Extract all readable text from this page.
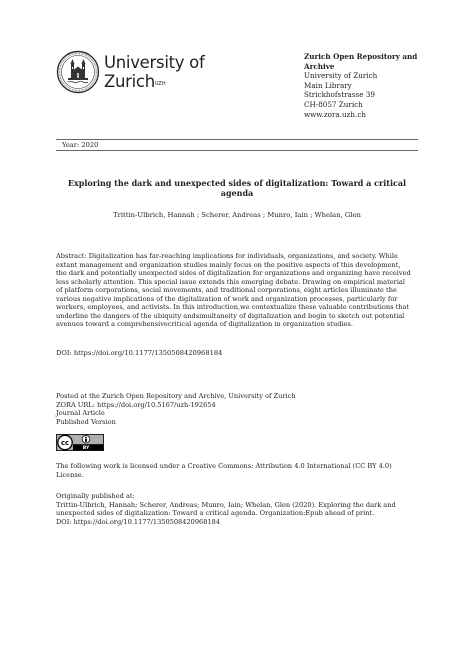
University of
Zurich$^{UZH}$
Zurich Open Repository and
Archive
University of Zurich
Main Library
Strickhofstrasse 39
CH-8057 Zurich
www.zora.uzh.ch
Year: 2020
Exploring the dark and unexpected sides of digitalization: Toward a critical
agenda
Trittin-Ulbrich, Hannah ; Scherer, Andreas ; Munro, Iain ; Whelan, Glen
Abstract: Digitalization has far-reaching implications for individuals, organizations, and society. While
extant management and organization studies mainly focus on the positive aspects of this development,
the dark and potentially unexpected sides of digitalization for organizations and organizing have received
less scholarly attention. This special issue extends this emerging debate. Drawing on empirical material
of platform corporations, social movements, and traditional corporations, eight articles illuminate the
various negative implications of the digitalization of work and organization processes, particularly for
workers, employees, and activists. In this introduction,we contextualize these valuable contributions that
underline the dangers of the ubiquity andsimultaneity of digitalization and begin to sketch out potential
avenues toward a comprehensivecritical agenda of digitalization in organization studies.
DOI: https://doi.org/10.1177/1350508420968184
Posted at the Zurich Open Repository and Archive, University of Zurich
ZORA URL: https://doi.org/10.5167/uzh-192654
Journal Article
Published Version
cc
BY
The following work is licensed under a Creative Commons: Attribution 4.0 International (CC BY 4.0)
License.
Originally published at:
Trittin-Ulbrich, Hannah; Scherer, Andreas; Munro, Iain; Whelan, Glen (2020). Exploring the dark and
unexpected sides of digitalization: Toward a critical agenda. Organization:Epub ahead of print.
DOI: https://doi.org/10.1177/1350508420968184
